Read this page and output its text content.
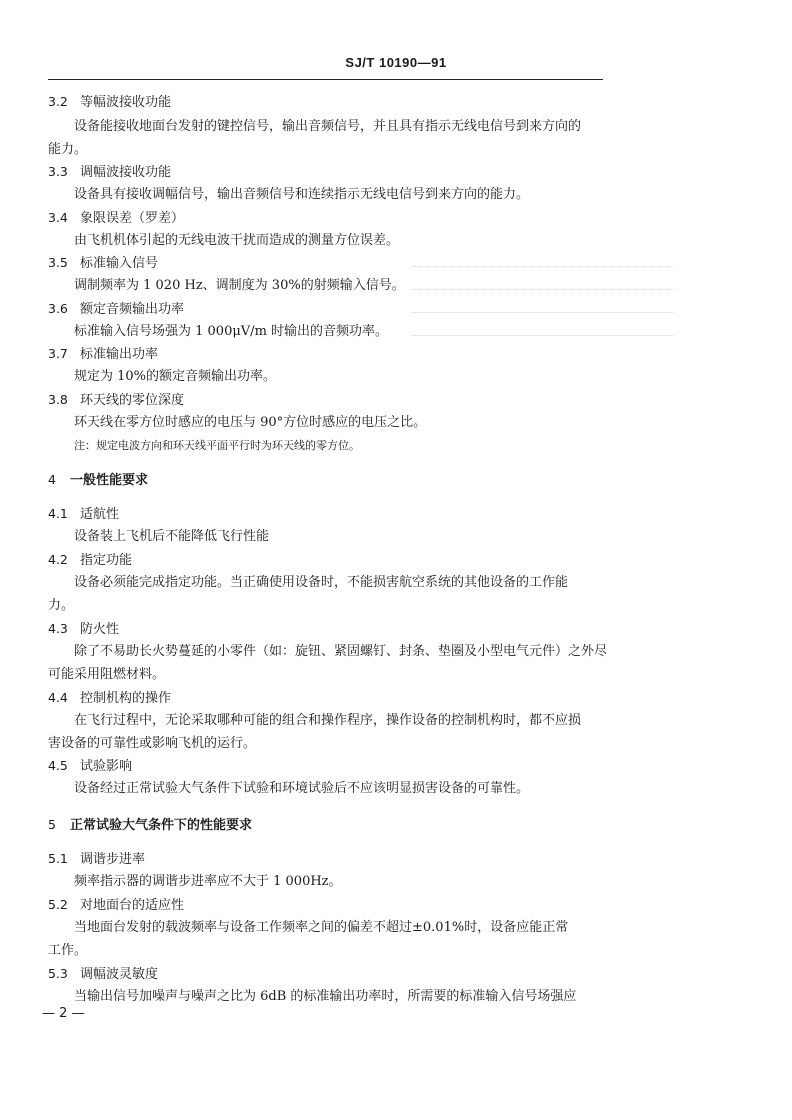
SJ/T 10190—91
3.2 等幅波接收功能
设备能接收地面台发射的键控信号，输出音频信号，并且具有指示无线电信号到来方向的
能力。
3.3 调幅波接收功能
设备具有接收调幅信号，输出音频信号和连续指示无线电信号到来方向的能力。
3.4 象限误差（罗差）
由飞机机体引起的无线电波干扰而造成的测量方位误差。
3.5 标准输入信号
调制频率为 1 020 Hz、调制度为 30%的射频输入信号。
3.6 额定音频输出功率
标准输入信号场强为 1 000μV/m 时输出的音频功率。
3.7 标准输出功率
规定为 10%的额定音频输出功率。
3.8 环天线的零位深度
环天线在零方位时感应的电压与 90°方位时感应的电压之比。
注：规定电波方向和环天线平面平行时为环天线的零方位。
4 一般性能要求
4.1 适航性
设备装上飞机后不能降低飞行性能
4.2 指定功能
设备必须能完成指定功能。当正确使用设备时，不能损害航空系统的其他设备的工作能
力。
4.3 防火性
除了不易助长火势蔓延的小零件（如：旋钮、紧固螺钉、封条、垫圈及小型电气元件）之外尽
可能采用阻燃材料。
4.4 控制机构的操作
在飞行过程中，无论采取哪种可能的组合和操作程序，操作设备的控制机构时，都不应损
害设备的可靠性或影响飞机的运行。
4.5 试验影响
设备经过正常试验大气条件下试验和环境试验后不应该明显损害设备的可靠性。
5 正常试验大气条件下的性能要求
5.1 调谐步进率
频率指示器的调谐步进率应不大于 1 000Hz。
5.2 对地面台的适应性
当地面台发射的载波频率与设备工作频率之间的偏差不超过±0.01%时，设备应能正常
工作。
5.3 调幅波灵敏度
当输出信号加噪声与噪声之比为 6dB 的标准输出功率时，所需要的标准输入信号场强应
— 2 —
